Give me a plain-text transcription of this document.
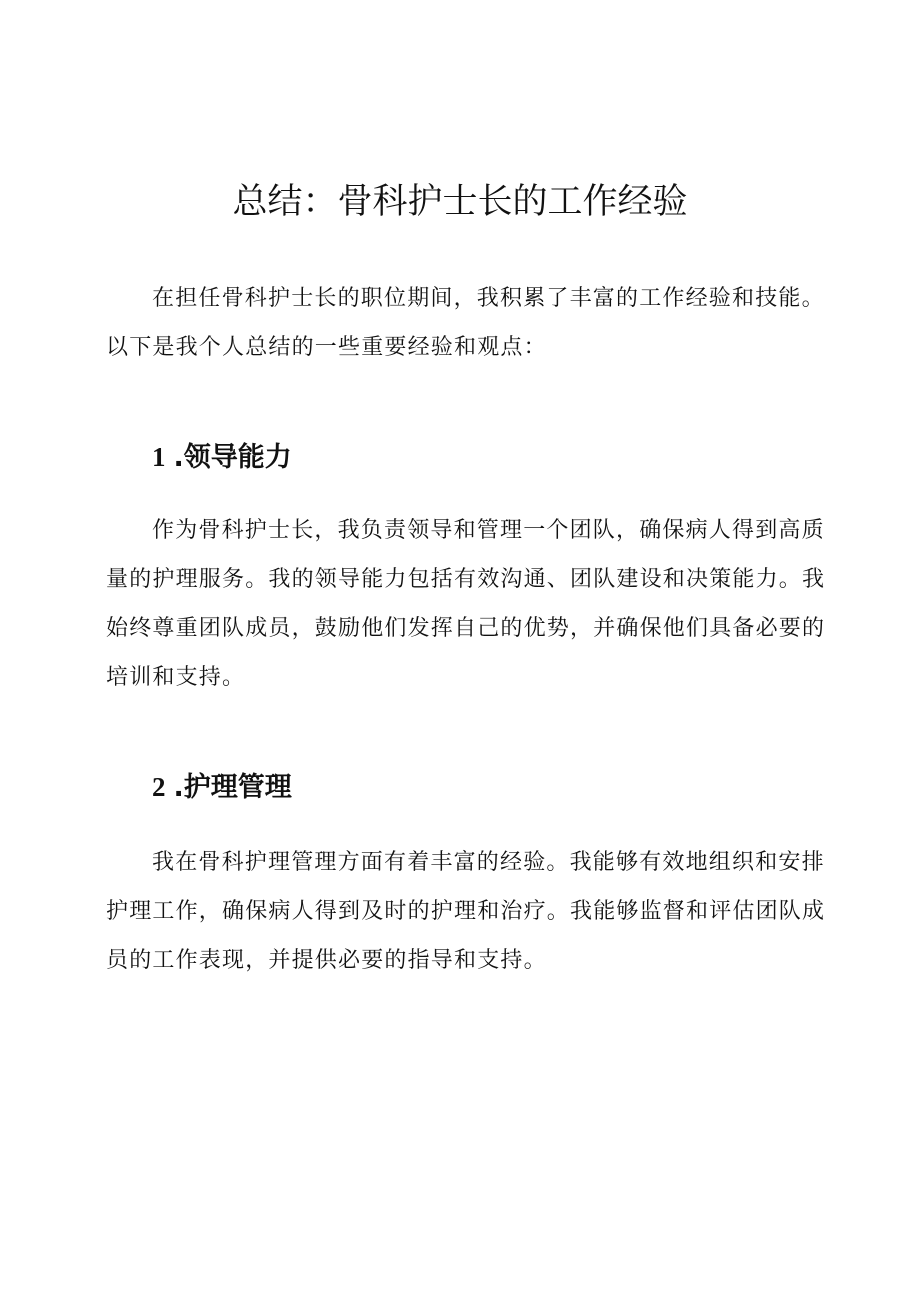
总结：骨科护士长的工作经验

在担任骨科护士长的职位期间，我积累了丰富的工作经验和技能。以下是我个人总结的一些重要经验和观点：

1 .领导能力

作为骨科护士长，我负责领导和管理一个团队，确保病人得到高质量的护理服务。我的领导能力包括有效沟通、团队建设和决策能力。我始终尊重团队成员，鼓励他们发挥自己的优势，并确保他们具备必要的培训和支持。

2 .护理管理

我在骨科护理管理方面有着丰富的经验。我能够有效地组织和安排护理工作，确保病人得到及时的护理和治疗。我能够监督和评估团队成员的工作表现，并提供必要的指导和支持。
